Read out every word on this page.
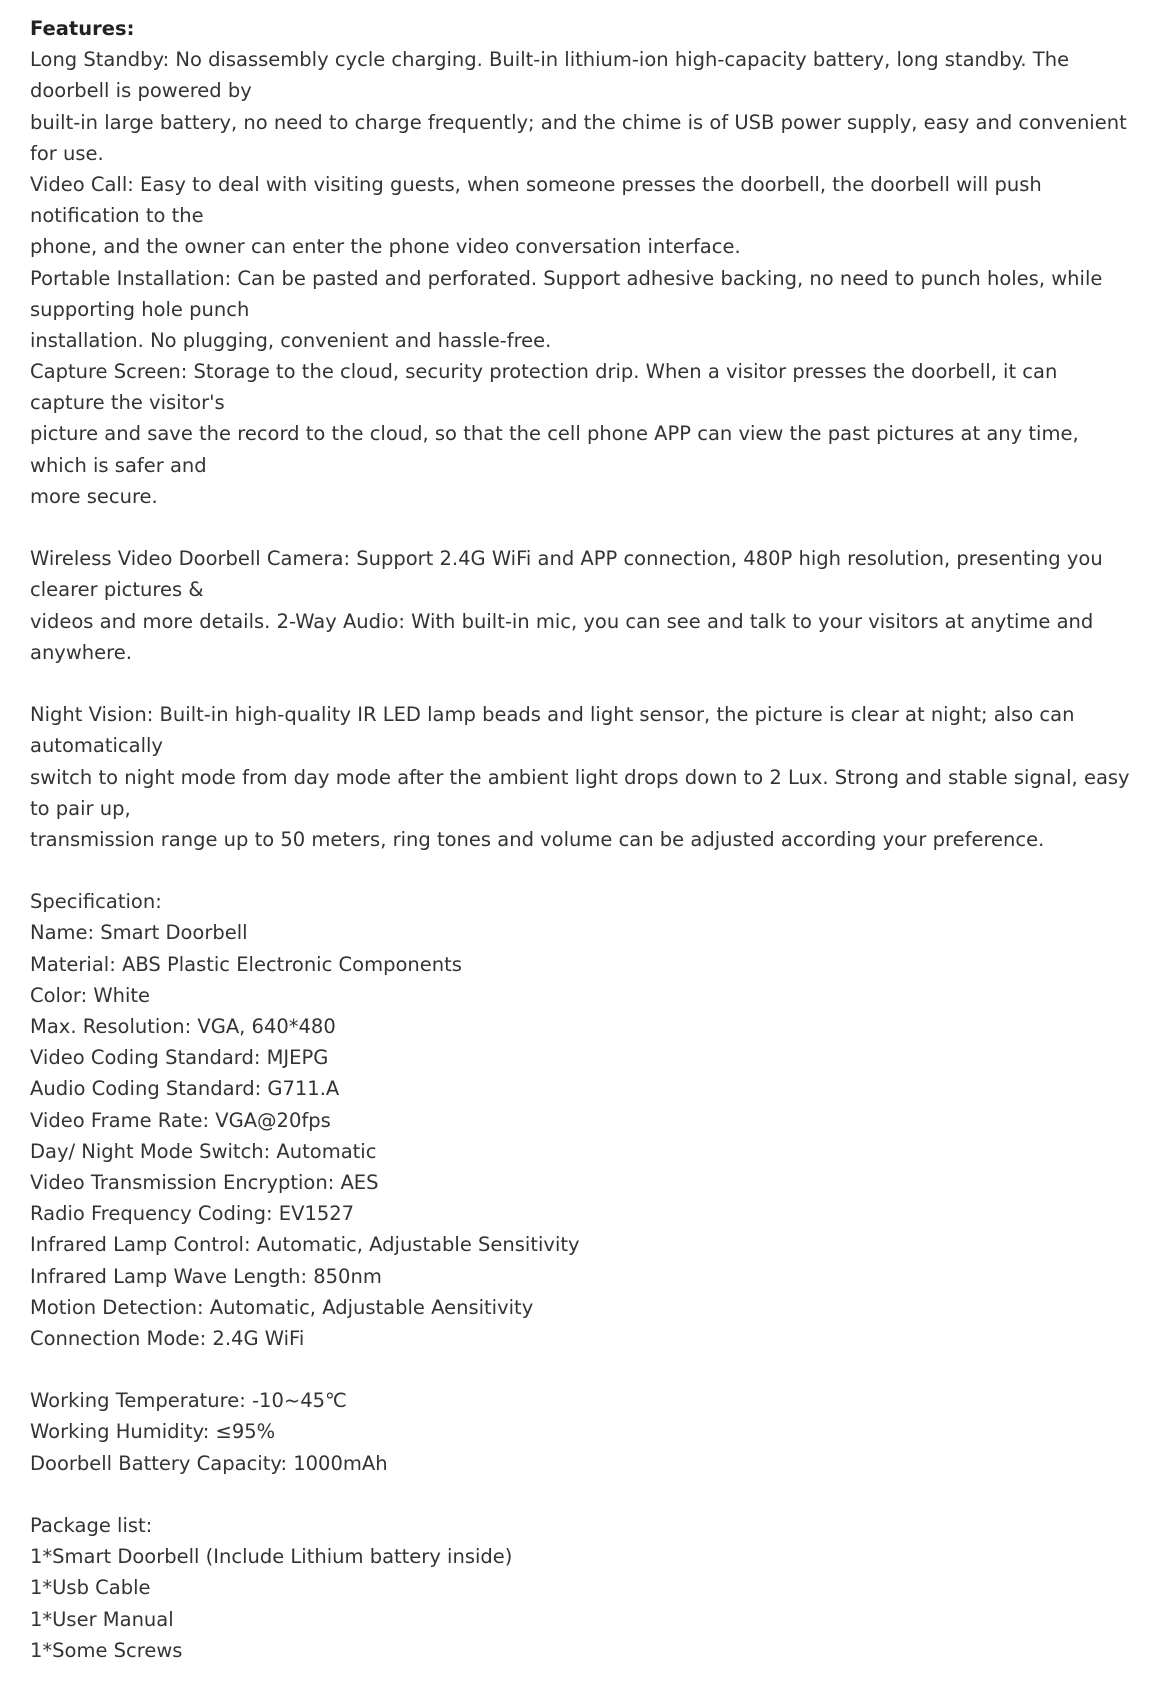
Features:
Long Standby: No disassembly cycle charging. Built-in lithium-ion high-capacity battery, long standby. The
doorbell is powered by
built-in large battery, no need to charge frequently; and the chime is of USB power supply, easy and convenient
for use.
Video Call: Easy to deal with visiting guests, when someone presses the doorbell, the doorbell will push
notification to the
phone, and the owner can enter the phone video conversation interface.
Portable Installation: Can be pasted and perforated. Support adhesive backing, no need to punch holes, while
supporting hole punch
installation. No plugging, convenient and hassle-free.
Capture Screen: Storage to the cloud, security protection drip. When a visitor presses the doorbell, it can
capture the visitor's
picture and save the record to the cloud, so that the cell phone APP can view the past pictures at any time,
which is safer and
more secure.
Wireless Video Doorbell Camera: Support 2.4G WiFi and APP connection, 480P high resolution, presenting you
clearer pictures &
videos and more details. 2-Way Audio: With built-in mic, you can see and talk to your visitors at anytime and
anywhere.
Night Vision: Built-in high-quality IR LED lamp beads and light sensor, the picture is clear at night; also can
automatically
switch to night mode from day mode after the ambient light drops down to 2 Lux. Strong and stable signal, easy
to pair up,
transmission range up to 50 meters, ring tones and volume can be adjusted according your preference.
Specification:
Name: Smart Doorbell
Material: ABS Plastic Electronic Components
Color: White
Max. Resolution: VGA, 640*480
Video Coding Standard: MJEPG
Audio Coding Standard: G711.A
Video Frame Rate: VGA@20fps
Day/ Night Mode Switch: Automatic
Video Transmission Encryption: AES
Radio Frequency Coding: EV1527
Infrared Lamp Control: Automatic, Adjustable Sensitivity
Infrared Lamp Wave Length: 850nm
Motion Detection: Automatic, Adjustable Aensitivity
Connection Mode: 2.4G WiFi
Working Temperature: -10~45℃
Working Humidity: ≤95%
Doorbell Battery Capacity: 1000mAh
Package list:
1*Smart Doorbell (Include Lithium battery inside)
1*Usb Cable
1*User Manual
1*Some Screws
